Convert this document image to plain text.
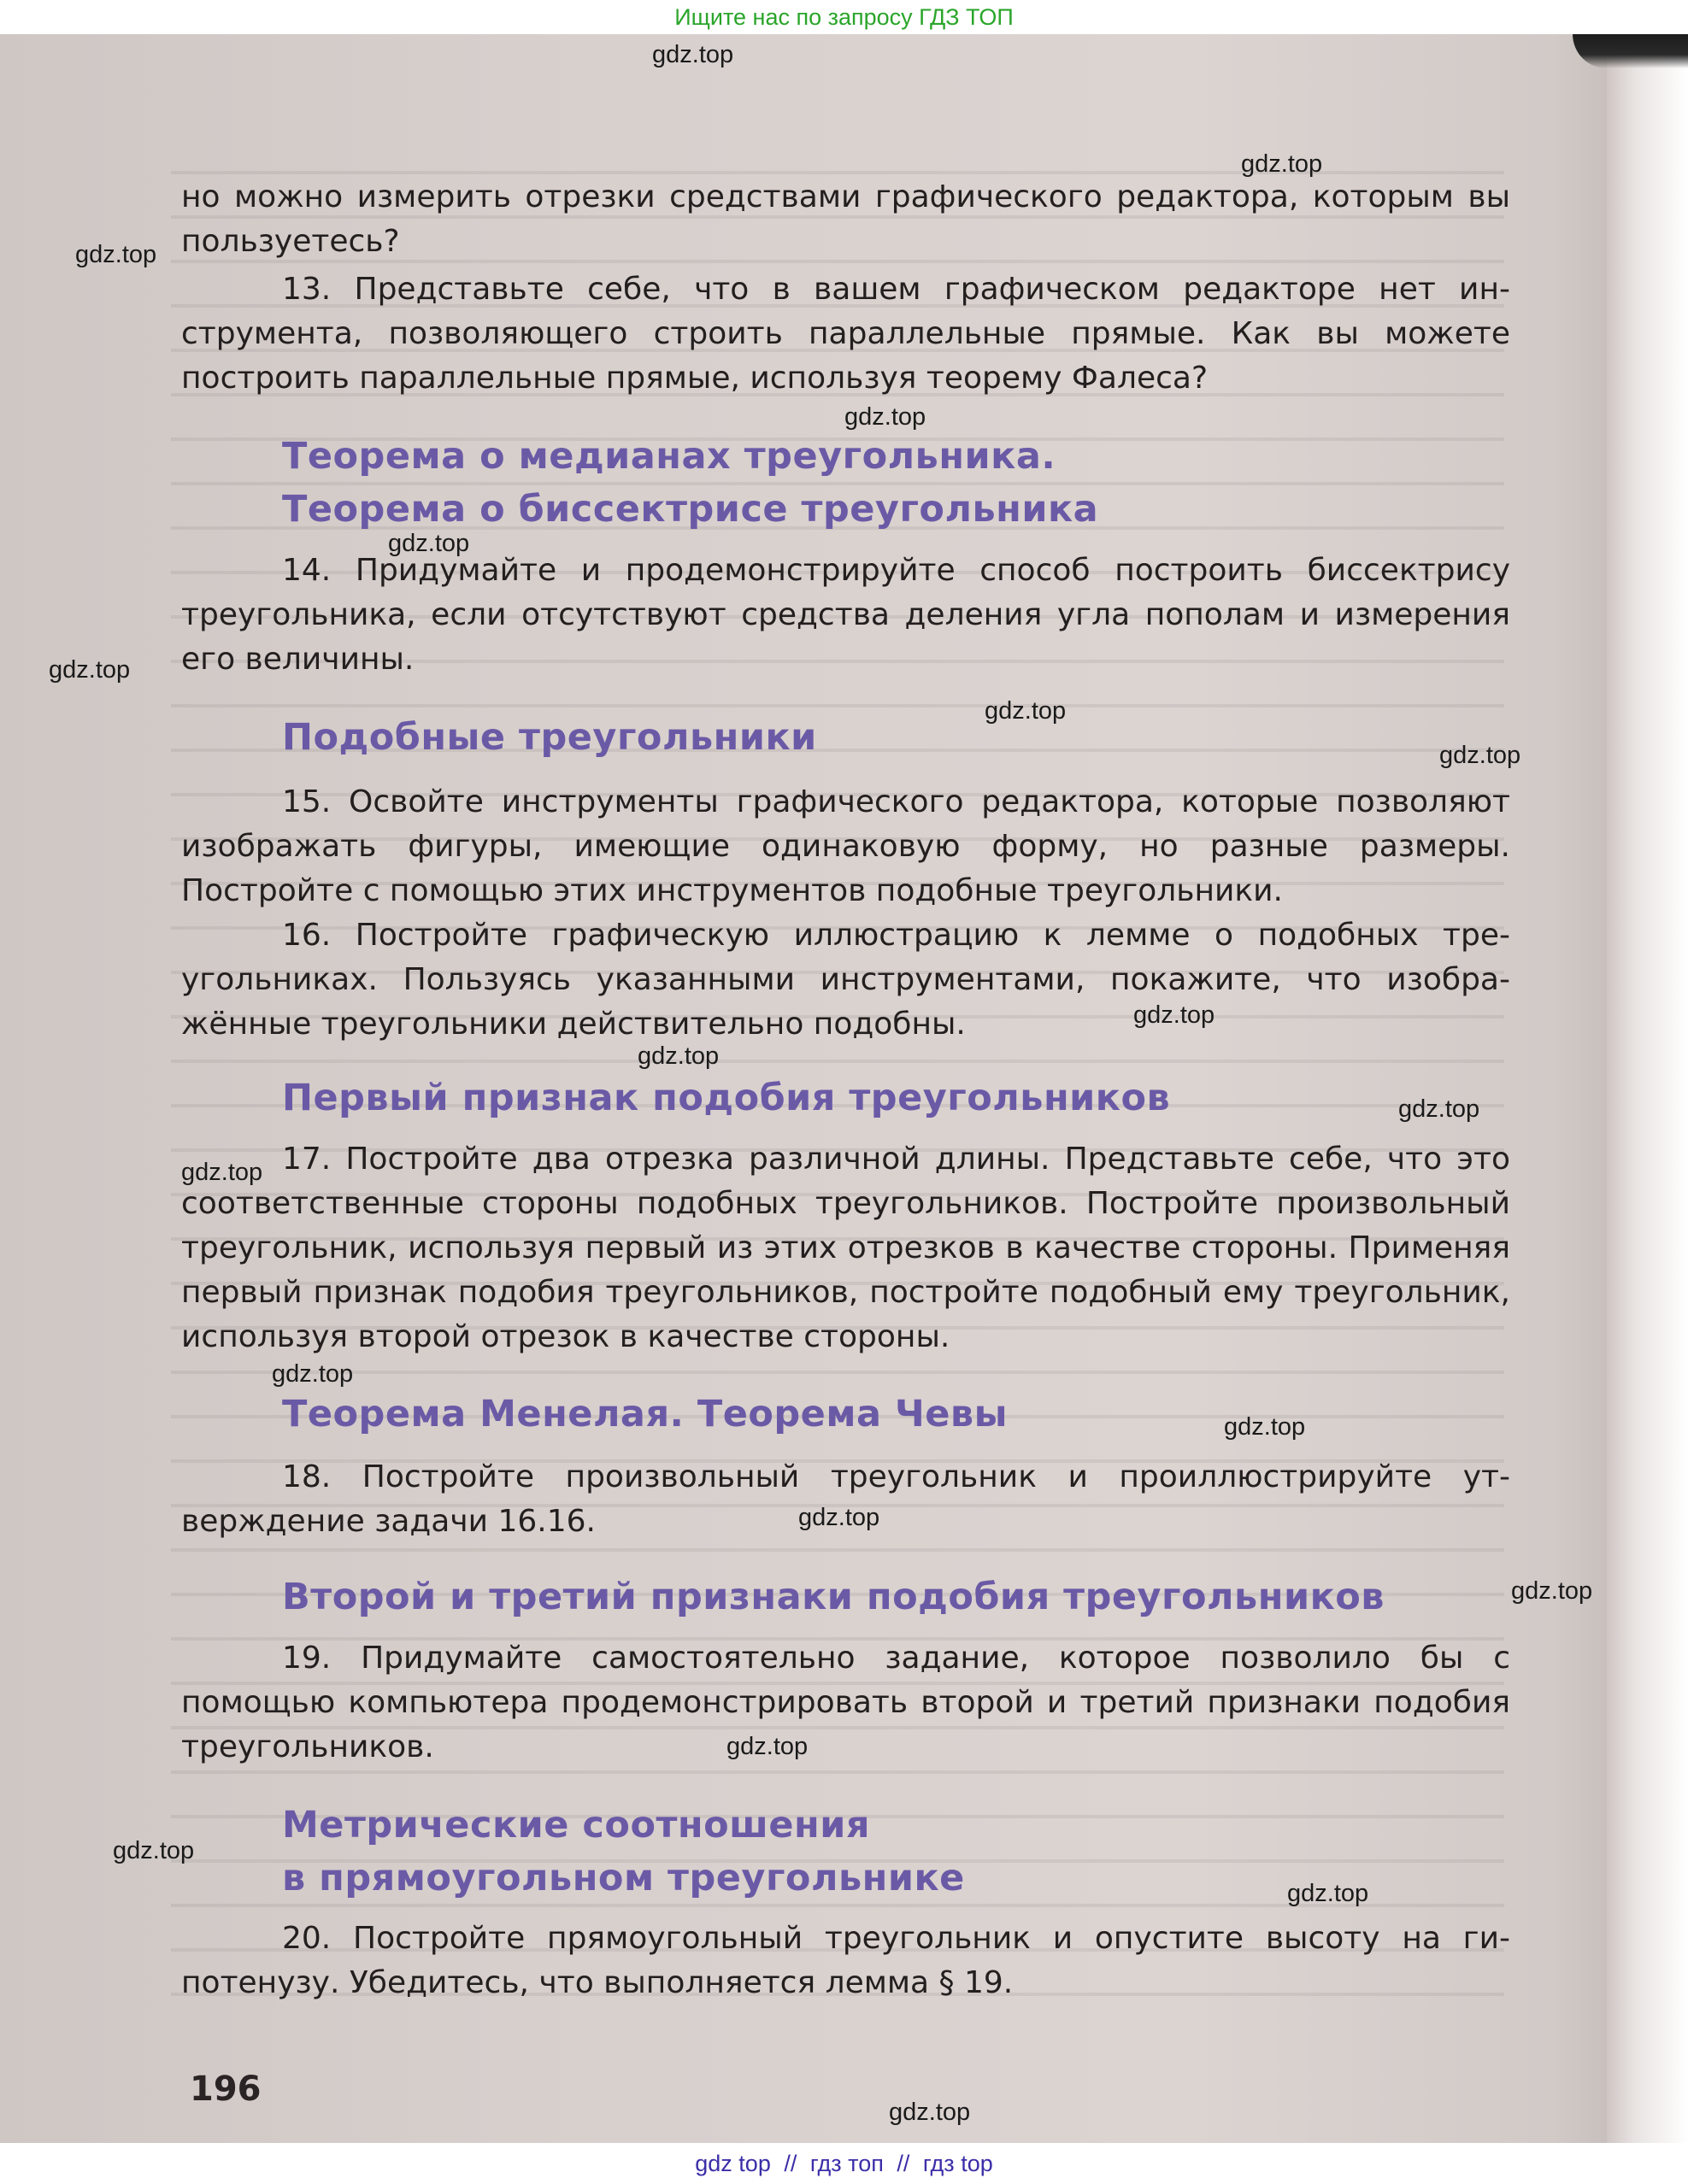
Ищите нас по запросу ГДЗ ТОП

но можно измерить отрезки средствами графического редактора, которым вы пользуетесь?

13. Представьте себе, что в вашем графическом редакторе нет инструмента, позволяющего строить параллельные прямые. Как вы можете построить параллельные прямые, используя теорему Фалеса?

Теорема о медианах треугольника.
Теорема о биссектрисе треугольника

14. Придумайте и продемонстрируйте способ построить биссектрису треугольника, если отсутствуют средства деления угла пополам и измерения его величины.

Подобные треугольники

15. Освойте инструменты графического редактора, которые позволяют изображать фигуры, имеющие одинаковую форму, но разные размеры. Постройте с помощью этих инструментов подобные треугольники.

16. Постройте графическую иллюстрацию к лемме о подобных треугольниках. Пользуясь указанными инструментами, покажите, что изображённые треугольники действительно подобны.

Первый признак подобия треугольников

17. Постройте два отрезка различной длины. Представьте себе, что это соответственные стороны подобных треугольников. Постройте произвольный треугольник, используя первый из этих отрезков в качестве стороны. Применяя первый признак подобия треугольников, постройте подобный ему треугольник, используя второй отрезок в качестве стороны.

Теорема Менелая. Теорема Чевы

18. Постройте произвольный треугольник и проиллюстрируйте утверждение задачи 16.16.

Второй и третий признаки подобия треугольников

19. Придумайте самостоятельно задание, которое позволило бы с помощью компьютера продемонстрировать второй и третий признаки подобия треугольников.

Метрические соотношения
в прямоугольном треугольнике

20. Постройте прямоугольный треугольник и опустите высоту на гипотенузу. Убедитесь, что выполняется лемма § 19.

196

gdz.top
gdz.top
gdz.top
gdz.top
gdz.top
gdz.top
gdz.top
gdz.top
gdz.top
gdz.top
gdz.top
gdz.top
gdz.top
gdz.top
gdz.top
gdz.top
gdz.top
gdz.top
gdz.top
gdz.top
gdz top // гдз топ // гдз top
